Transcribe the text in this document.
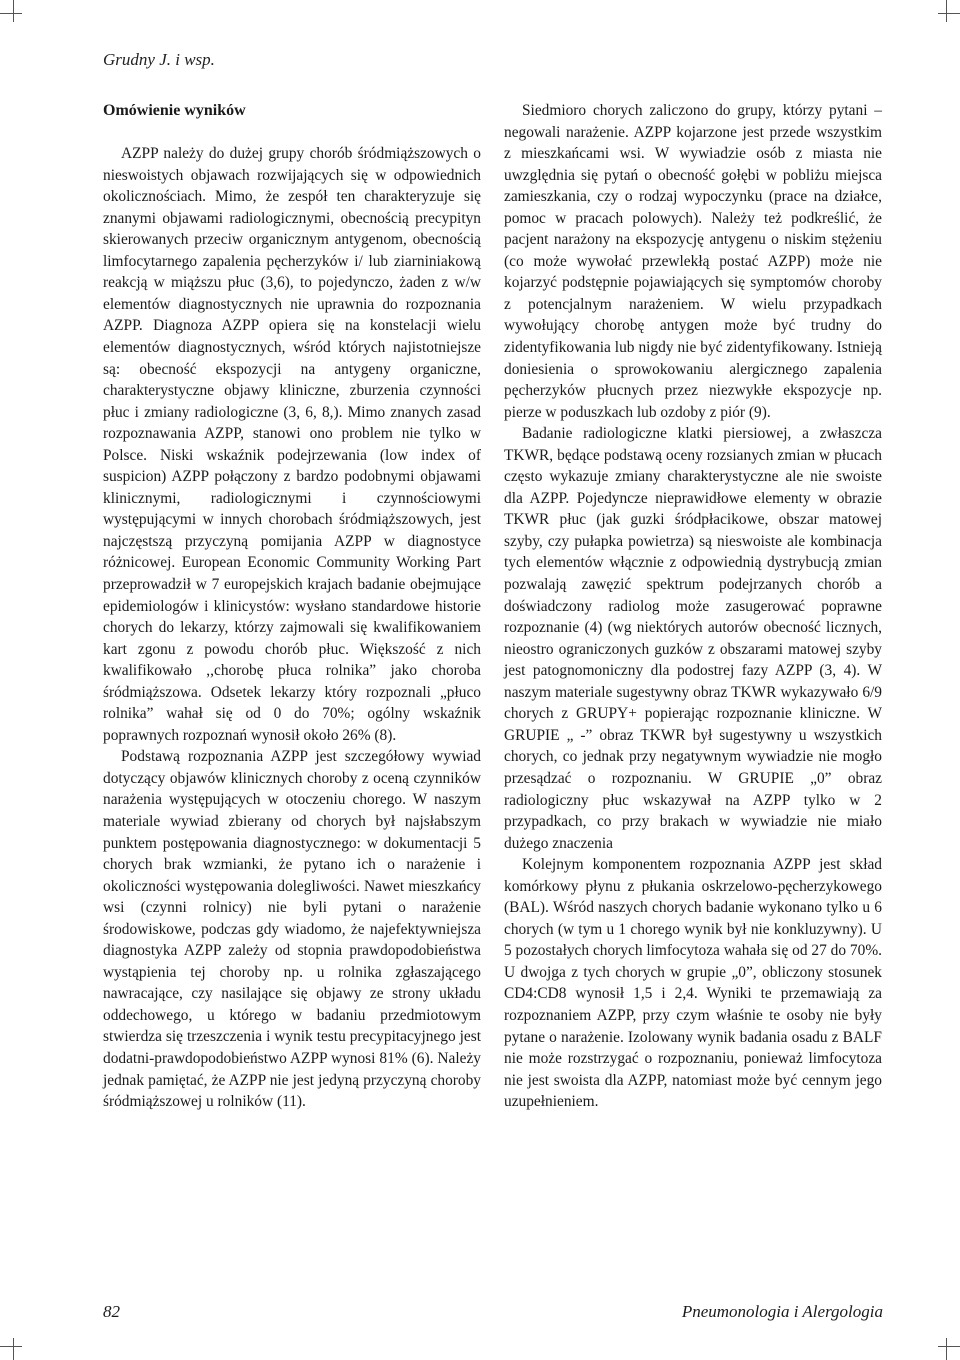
Grudny J. i wsp.
Omówienie wyników

AZPP należy do dużej grupy chorób śródmiąższowych o nieswoistych objawach rozwijających się w odpowiednich okolicznościach. Mimo, że zespół ten charakteryzuje się znanymi objawami radiologicznymi, obecnością precypityn skierowanych przeciw organicznym antygenom, obecnością limfocytarnego zapalenia pęcherzyków i/ lub ziarniniakową reakcją w miąższu płuc (3,6), to pojedynczo, żaden z w/w elementów diagnostycznych nie uprawnia do rozpoznania AZPP. Diagnoza AZPP opiera się na konstelacji wielu elementów diagnostycznych, wśród których najistotniejsze są: obecność ekspozycji na antygeny organiczne, charakterystyczne objawy kliniczne, zburzenia czynności płuc i zmiany radiologiczne (3, 6, 8,). Mimo znanych zasad rozpoznawania AZPP, stanowi ono problem nie tylko w Polsce. Niski wskaźnik podejrzewania (low index of suspicion) AZPP połączony z bardzo podobnymi objawami klinicznymi, radiologicznymi i czynnościowymi występującymi w innych chorobach śródmiąższowych, jest najczęstszą przyczyną pomijania AZPP w diagnostyce różnicowej. European Economic Community Working Part przeprowadził w 7 europejskich krajach badanie obejmujące epidemiologów i klinicystów: wysłano standardowe historie chorych do lekarzy, którzy zajmowali się kwalifikowaniem kart zgonu z powodu chorób płuc. Większość z nich kwalifikowało ,,chorobę płuca rolnika” jako choroba śródmiąższowa. Odsetek lekarzy który rozpoznali „płuco rolnika” wahał się od 0 do 70%; ogólny wskaźnik poprawnych rozpoznań wynosił około 26% (8).

Podstawą rozpoznania AZPP jest szczegółowy wywiad dotyczący objawów klinicznych choroby z oceną czynników narażenia występujących w otoczeniu chorego. W naszym materiale wywiad zbierany od chorych był najsłabszym punktem postępowania diagnostycznego: w dokumentacji 5 chorych brak wzmianki, że pytano ich o narażenie i okoliczności występowania dolegliwości. Nawet mieszkańcy wsi (czynni rolnicy) nie byli pytani o narażenie środowiskowe, podczas gdy wiadomo, że najefektywniejsza diagnostyka AZPP zależy od stopnia prawdopodobieństwa wystąpienia tej choroby np. u rolnika zgłaszającego nawracające, czy nasilające się objawy ze strony układu oddechowego, u którego w badaniu przedmiotowym stwierdza się trzeszczenia i wynik testu precypitacyjnego jest dodatni-prawdopodobieństwo AZPP wynosi 81% (6). Należy jednak pamiętać, że AZPP nie jest jedyną przyczyną choroby śródmiąższowej u rolników (11).

Siedmioro chorych zaliczono do grupy, którzy pytani – negowali narażenie. AZPP kojarzone jest przede wszystkim z mieszkańcami wsi. W wywiadzie osób z miasta nie uwzględnia się pytań o obecność gołębi w pobliżu miejsca zamieszkania, czy o rodzaj wypoczynku (prace na działce, pomoc w pracach polowych). Należy też podkreślić, że pacjent narażony na ekspozycję antygenu o niskim stężeniu (co może wywołać przewlekłą postać AZPP) może nie kojarzyć podstępnie pojawiających się symptomów choroby z potencjalnym narażeniem. W wielu przypadkach wywołujący chorobę antygen może być trudny do zidentyfikowania lub nigdy nie być zidentyfikowany. Istnieją doniesienia o sprowokowaniu alergicznego zapalenia pęcherzyków płucnych przez niezwykłe ekspozycje np. pierze w poduszkach lub ozdoby z piór (9).

Badanie radiologiczne klatki piersiowej, a zwłaszcza TKWR, będące podstawą oceny rozsianych zmian w płucach często wykazuje zmiany charakterystyczne ale nie swoiste dla AZPP. Pojedyncze nieprawidłowe elementy w obrazie TKWR płuc (jak guzki śródpłacikowe, obszar matowej szyby, czy pułapka powietrza) są nieswoiste ale kombinacja tych elementów włącznie z odpowiednią dystrybucją zmian pozwalają zawęzić spektrum podejrzanych chorób a doświadczony radiolog może zasugerować poprawne rozpoznanie (4) (wg niektórych autorów obecność licznych, nieostro ograniczonych guzków z obszarami matowej szyby jest patognomoniczny dla podostrej fazy AZPP (3, 4). W naszym materiale sugestywny obraz TKWR wykazywało 6/9 chorych z GRUPY+ popierając rozpoznanie kliniczne. W GRUPIE „ -” obraz TKWR był sugestywny u wszystkich chorych, co jednak przy negatywnym wywiadzie nie mogło przesądzać o rozpoznaniu. W GRUPIE „0” obraz radiologiczny płuc wskazywał na AZPP tylko w 2 przypadkach, co przy brakach w wywiadzie nie miało dużego znaczenia

Kolejnym komponentem rozpoznania AZPP jest skład komórkowy płynu z płukania oskrzelowo-pęcherzykowego (BAL). Wśród naszych chorych badanie wykonano tylko u 6 chorych (w tym u 1 chorego wynik był nie konkluzywny). U 5 pozostałych chorych limfocytoza wahała się od 27 do 70%. U dwojga z tych chorych w grupie „0”, obliczony stosunek CD4:CD8 wynosił 1,5 i 2,4. Wyniki te przemawiają za rozpoznaniem AZPP, przy czym właśnie te osoby nie były pytane o narażenie. Izolowany wynik badania osadu z BALF nie może rozstrzygać o rozpoznaniu, ponieważ limfocytoza nie jest swoista dla AZPP, natomiast może być cennym jego uzupełnieniem.

82	Pneumonologia i Alergologia
